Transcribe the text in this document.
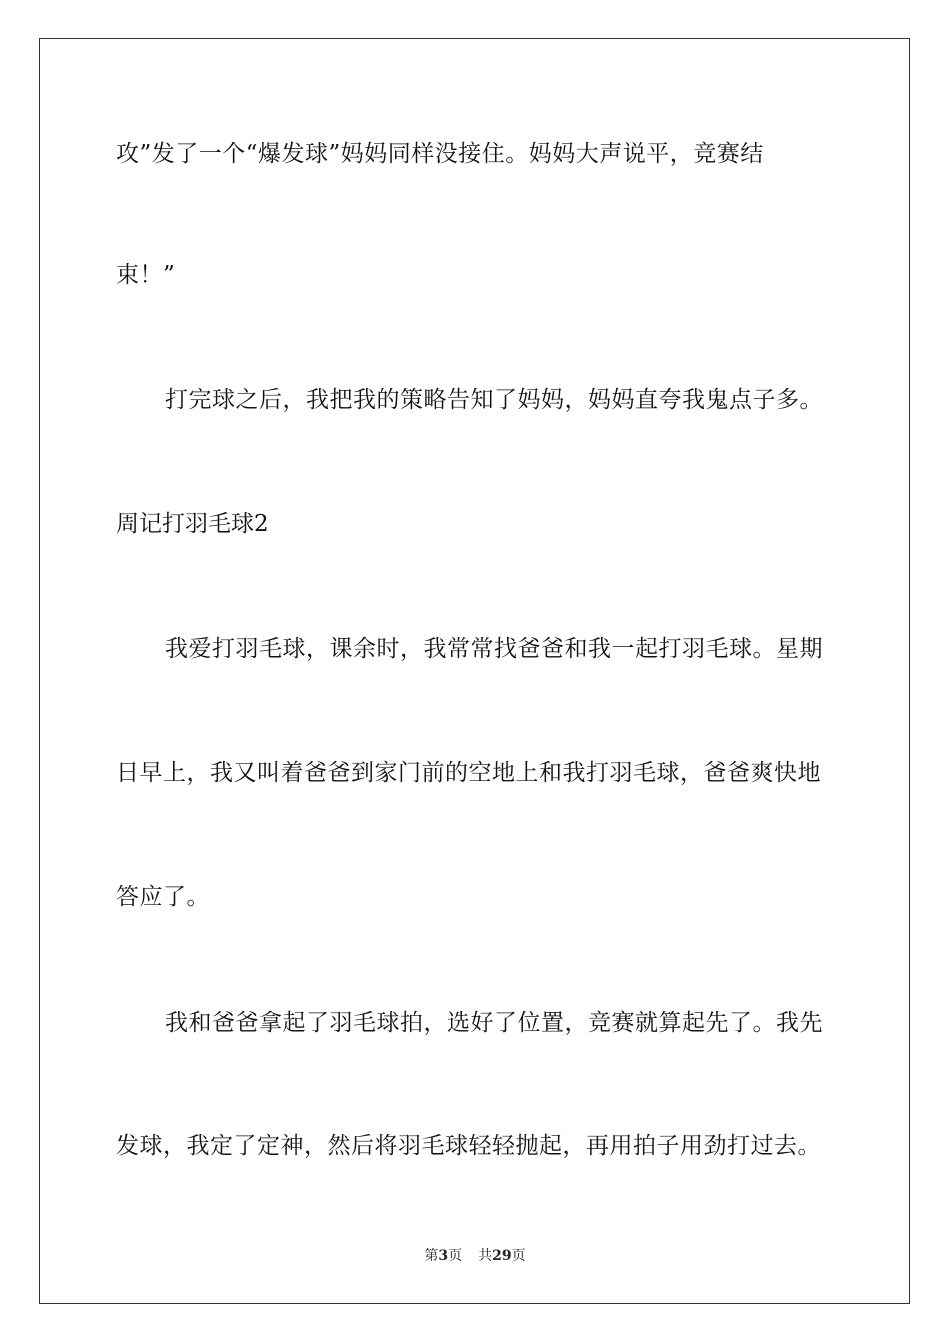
攻”发了一个“爆发球”妈妈同样没接住。妈妈大声说平，竞赛结
束！”
打完球之后，我把我的策略告知了妈妈，妈妈直夸我鬼点子多。
周记打羽毛球2
我爱打羽毛球，课余时，我常常找爸爸和我一起打羽毛球。星期
日早上，我又叫着爸爸到家门前的空地上和我打羽毛球，爸爸爽快地
答应了。
我和爸爸拿起了羽毛球拍，选好了位置，竞赛就算起先了。我先
发球，我定了定神，然后将羽毛球轻轻抛起，再用拍子用劲打过去。
第3页 共29页
